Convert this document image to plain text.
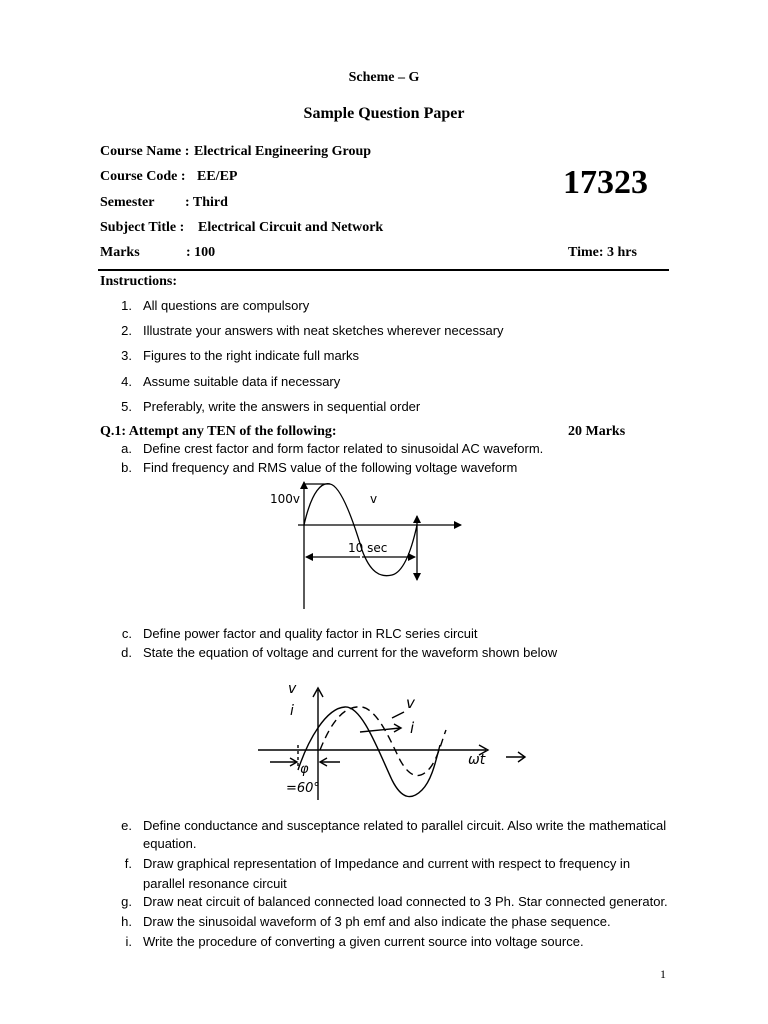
Scheme – G
Sample Question Paper
Course Name : Electrical Engineering Group
Course Code : EE/EP
Semester : Third
Subject Title : Electrical Circuit and Network
Marks	: 100
17323
Time: 3 hrs
Instructions:
1. All questions are compulsory
2. Illustrate your answers with neat sketches wherever necessary
3. Figures to the right indicate full marks
4. Assume suitable data if necessary
5. Preferably, write the answers in sequential order
Q.1: Attempt any TEN of the following:	20 Marks
a. Define crest factor and form factor related to sinusoidal AC waveform.
b. Find frequency and RMS value of the following voltage waveform
c. Define power factor and quality factor in RLC series circuit
d. State the equation of voltage and current for the waveform shown below
e. Define conductance and susceptance related to parallel circuit. Also write the mathematical
equation.
f. Draw graphical representation of Impedance and current with respect to frequency in
parallel resonance circuit
g. Draw neat circuit of balanced connected load connected to 3 Ph. Star connected generator.
h. Draw the sinusoidal waveform of 3 ph emf and also indicate the phase sequence.
i. Write the procedure of converting a given current source into voltage source.
100v	v
10 sec
v
i	v
i
φ
=60°
ωt
1
